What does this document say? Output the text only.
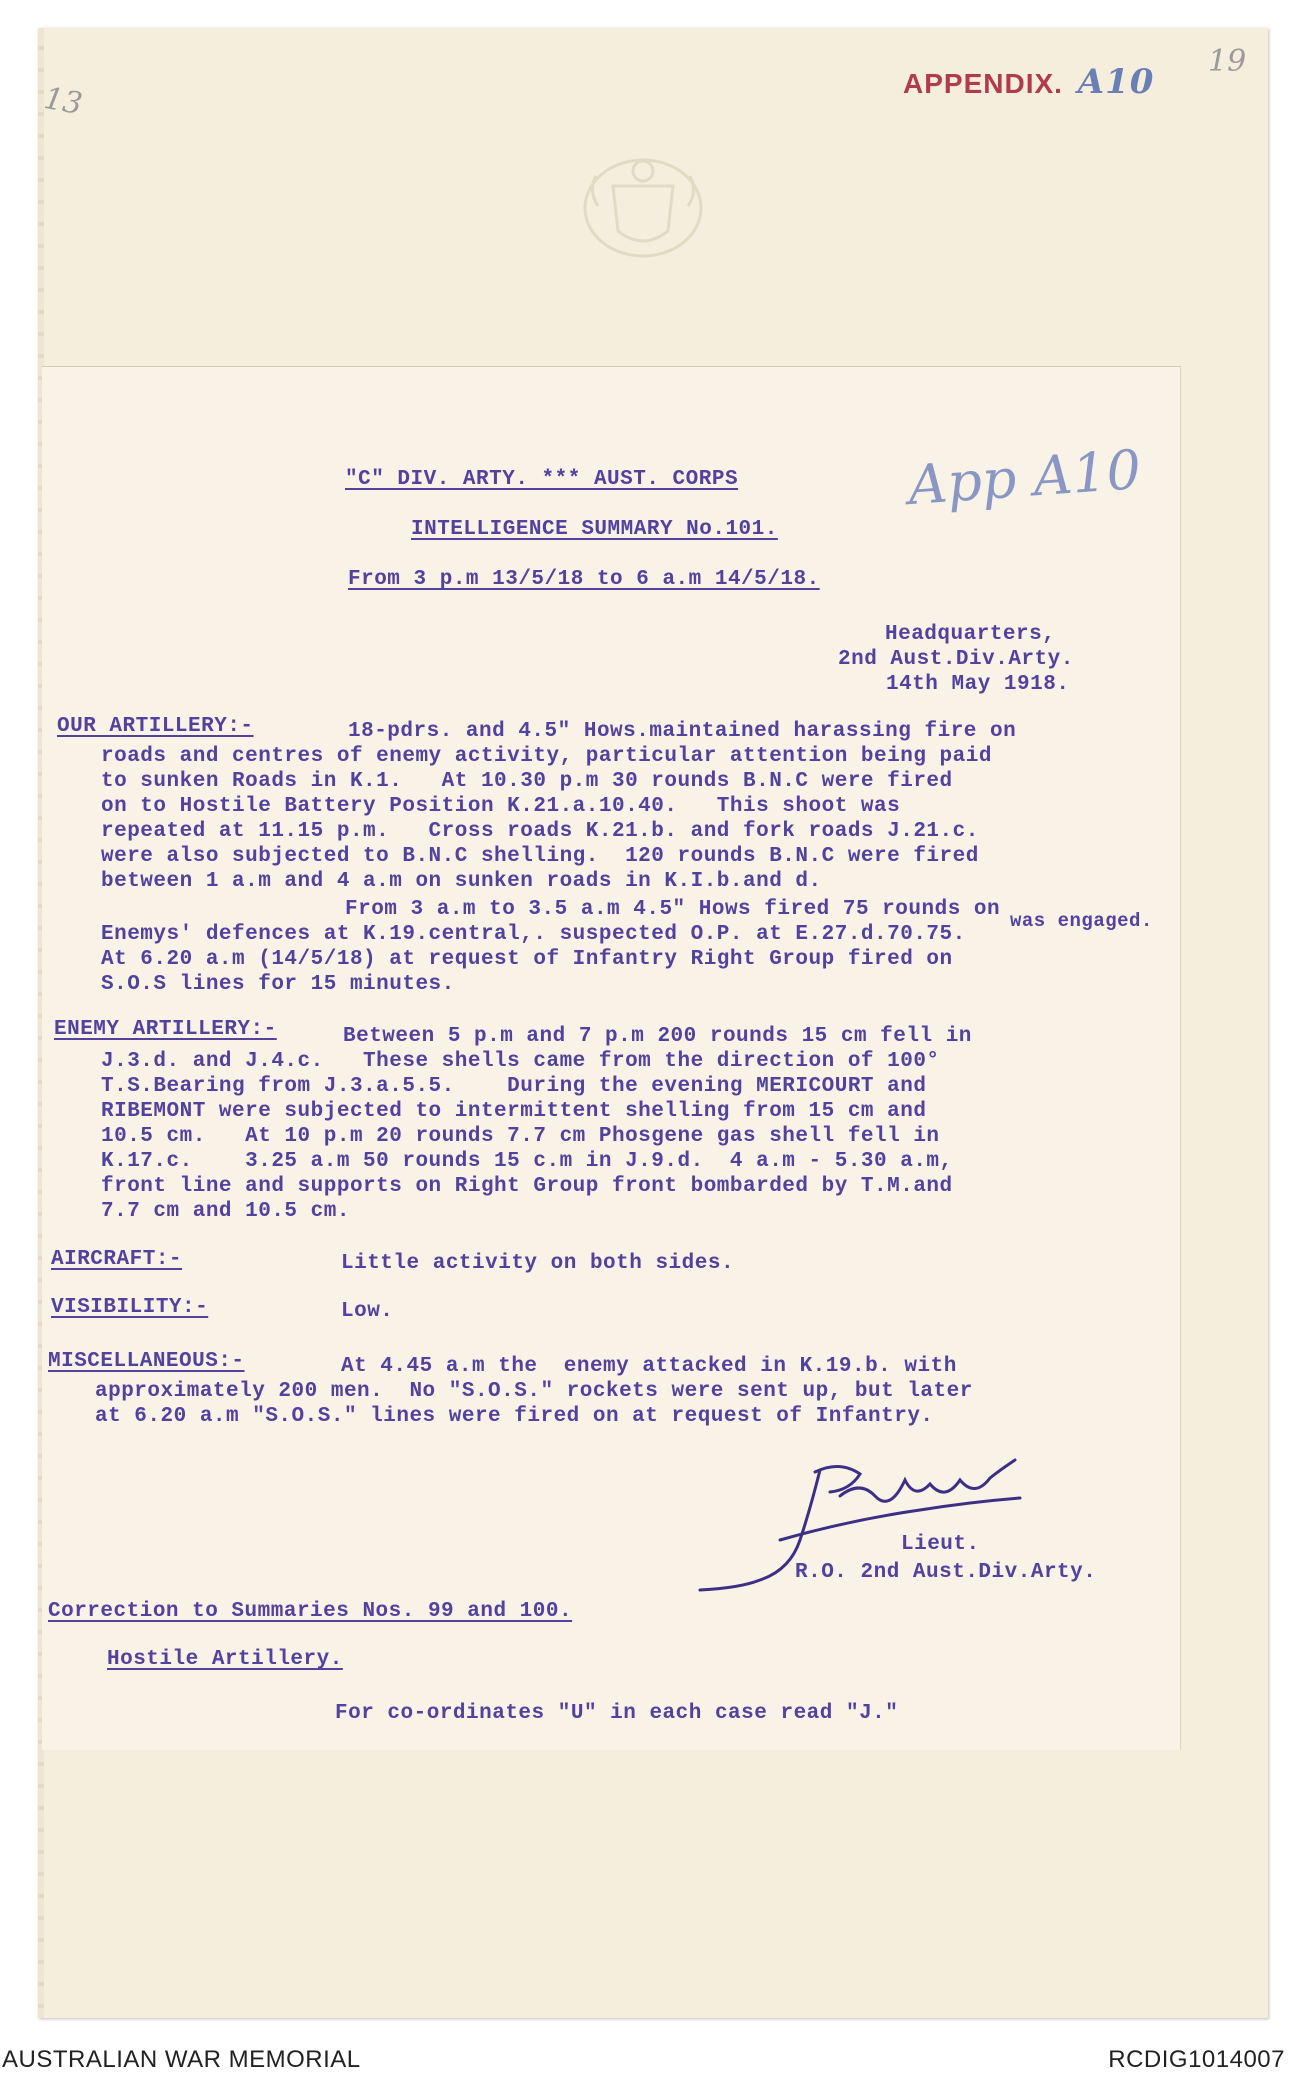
APPENDIX. A10
19
13
App A10
"C" DIV. ARTY. *** AUST. CORPS
INTELLIGENCE SUMMARY No.101.
From 3 p.m 13/5/18 to 6 a.m 14/5/18.
Headquarters,
2nd Aust.Div.Arty.
14th May 1918.
OUR ARTILLERY:-	18-pdrs. and 4.5" Hows.maintained harassing fire on
roads and centres of enemy activity, particular attention being paid
to sunken Roads in K.1.   At 10.30 p.m 30 rounds B.N.C were fired
on to Hostile Battery Position K.21.a.10.40.   This shoot was
repeated at 11.15 p.m.   Cross roads K.21.b. and fork roads J.21.c.
were also subjected to B.N.C shelling.  120 rounds B.N.C were fired
between 1 a.m and 4 a.m on sunken roads in K.I.b.and d.
From 3 a.m to 3.5 a.m 4.5" Hows fired 75 rounds on was engaged.
Enemys' defences at K.19.central,. suspected O.P. at E.27.d.70.75.
At 6.20 a.m (14/5/18) at request of Infantry Right Group fired on
S.O.S lines for 15 minutes.
ENEMY ARTILLERY:-	Between 5 p.m and 7 p.m 200 rounds 15 cm fell in
J.3.d. and J.4.c.   These shells came from the direction of 100°
T.S.Bearing from J.3.a.5.5.    During the evening MERICOURT and
RIBEMONT were subjected to intermittent shelling from 15 cm and
10.5 cm.   At 10 p.m 20 rounds 7.7 cm Phosgene gas shell fell in
K.17.c.    3.25 a.m 50 rounds 15 c.m in J.9.d.  4 a.m - 5.30 a.m,
front line and supports on Right Group front bombarded by T.M.and
7.7 cm and 10.5 cm.
AIRCRAFT:-	Little activity on both sides.
VISIBILITY:-	Low.
MISCELLANEOUS:-	At 4.45 a.m the  enemy attacked in K.19.b. with
approximately 200 men.  No "S.O.S." rockets were sent up, but later
at 6.20 a.m "S.O.S." lines were fired on at request of Infantry.
Lieut.
R.O. 2nd Aust.Div.Arty.
Correction to Summaries Nos. 99 and 100.
Hostile Artillery.
For co-ordinates "U" in each case read "J."
AUSTRALIAN WAR MEMORIAL	RCDIG1014007
